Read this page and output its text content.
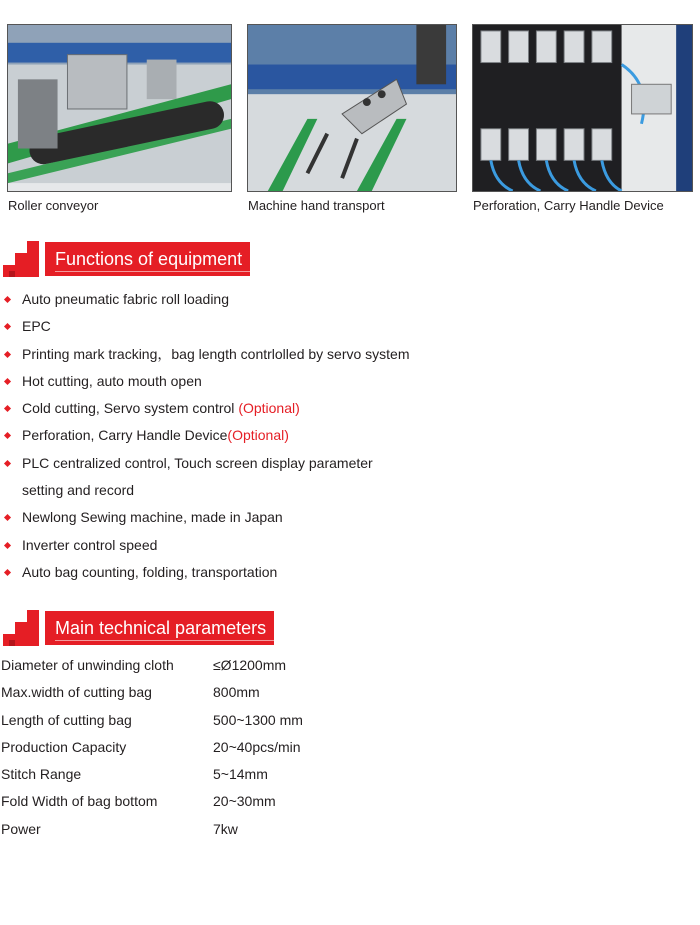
Roller conveyor	Machine hand transport	Perforation, Carry Handle Device
Functions of equipment
Auto pneumatic fabric roll loading
EPC
Printing mark tracking，bag length contrlolled by servo system
Hot cutting, auto mouth open
Cold cutting, Servo system control (Optional)
Perforation, Carry Handle Device(Optional)
PLC centralized control, Touch screen display parameter
setting and record
Newlong Sewing machine, made in Japan
Inverter control speed
Auto bag counting, folding, transportation
Main technical parameters
Diameter of unwinding cloth	≤Ø1200mm
Max.width of cutting bag	800mm
Length of cutting bag	500~1300 mm
Production Capacity	20~40pcs/min
Stitch Range	5~14mm
Fold Width of bag bottom	20~30mm
Power	7kw
